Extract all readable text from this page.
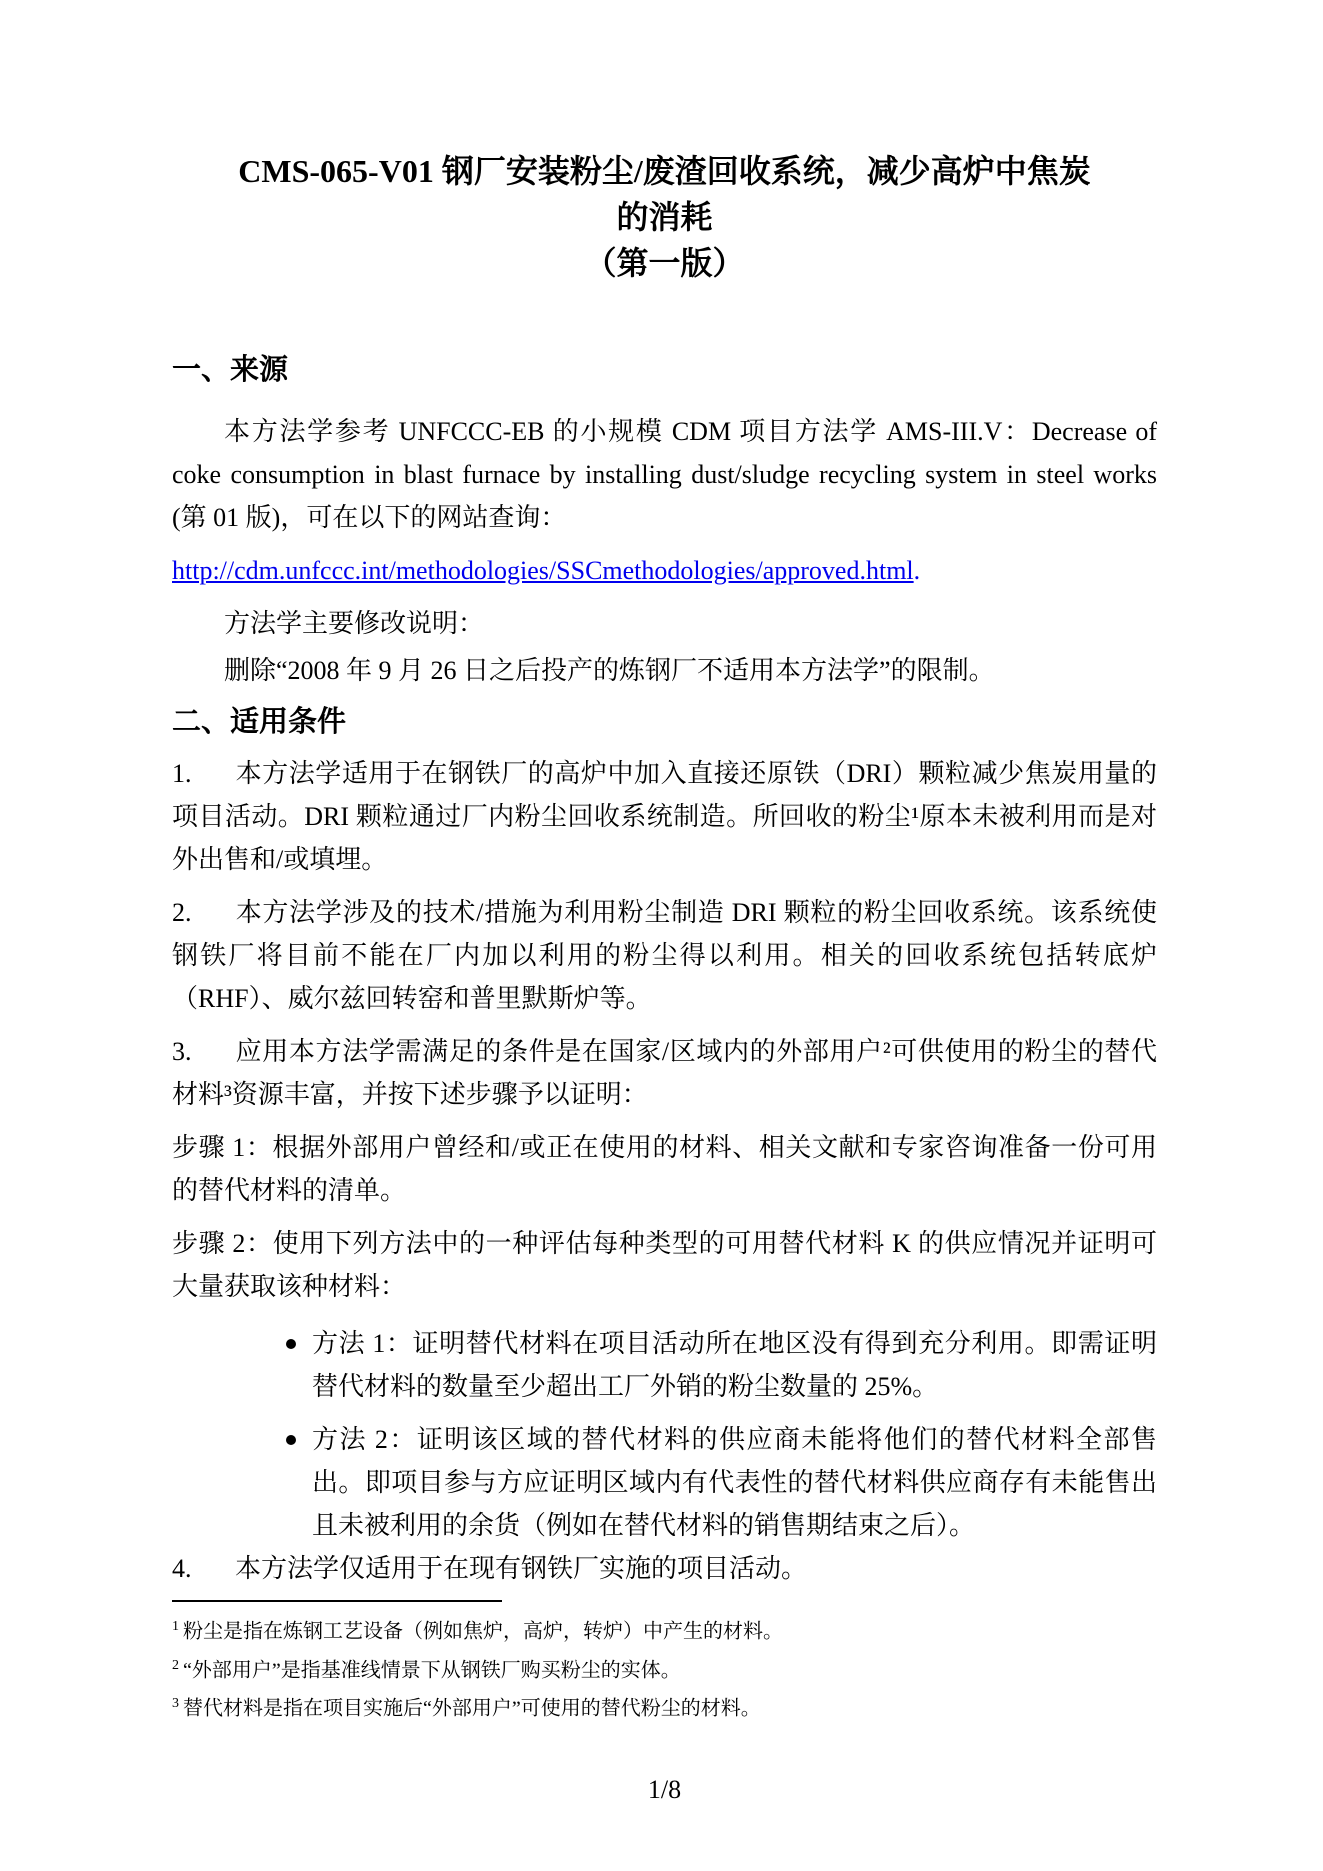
CMS-065-V01 钢厂安装粉尘/废渣回收系统，减少高炉中焦炭
的消耗
（第一版）
一、来源

本方法学参考 UNFCCC-EB 的小规模 CDM 项目方法学 AMS-III.V：Decrease of coke consumption in blast furnace by installing dust/sludge recycling system in steel works (第 01 版)，可在以下的网站查询：

http://cdm.unfccc.int/methodologies/SSCmethodologies/approved.html.

方法学主要修改说明：

删除“2008 年 9 月 26 日之后投产的炼钢厂不适用本方法学”的限制。

二、适用条件

1. 本方法学适用于在钢铁厂的高炉中加入直接还原铁（DRI）颗粒减少焦炭用量的项目活动。DRI 颗粒通过厂内粉尘回收系统制造。所回收的粉尘¹原本未被利用而是对外出售和/或填埋。

2. 本方法学涉及的技术/措施为利用粉尘制造 DRI 颗粒的粉尘回收系统。该系统使钢铁厂将目前不能在厂内加以利用的粉尘得以利用。相关的回收系统包括转底炉（RHF）、威尔兹回转窑和普里默斯炉等。

3. 应用本方法学需满足的条件是在国家/区域内的外部用户²可供使用的粉尘的替代材料³资源丰富，并按下述步骤予以证明：

步骤 1：根据外部用户曾经和/或正在使用的材料、相关文献和专家咨询准备一份可用的替代材料的清单。

步骤 2：使用下列方法中的一种评估每种类型的可用替代材料 K 的供应情况并证明可大量获取该种材料：

方法 1：证明替代材料在项目活动所在地区没有得到充分利用。即需证明替代材料的数量至少超出工厂外销的粉尘数量的 25%。
方法 2：证明该区域的替代材料的供应商未能将他们的替代材料全部售出。即项目参与方应证明区域内有代表性的替代材料供应商存有未能售出且未被利用的余货（例如在替代材料的销售期结束之后）。

4. 本方法学仅适用于在现有钢铁厂实施的项目活动。

$^1$ 粉尘是指在炼钢工艺设备（例如焦炉，高炉，转炉）中产生的材料。

$^2$ “外部用户”是指基准线情景下从钢铁厂购买粉尘的实体。

$^3$ 替代材料是指在项目实施后“外部用户”可使用的替代粉尘的材料。

1/8
